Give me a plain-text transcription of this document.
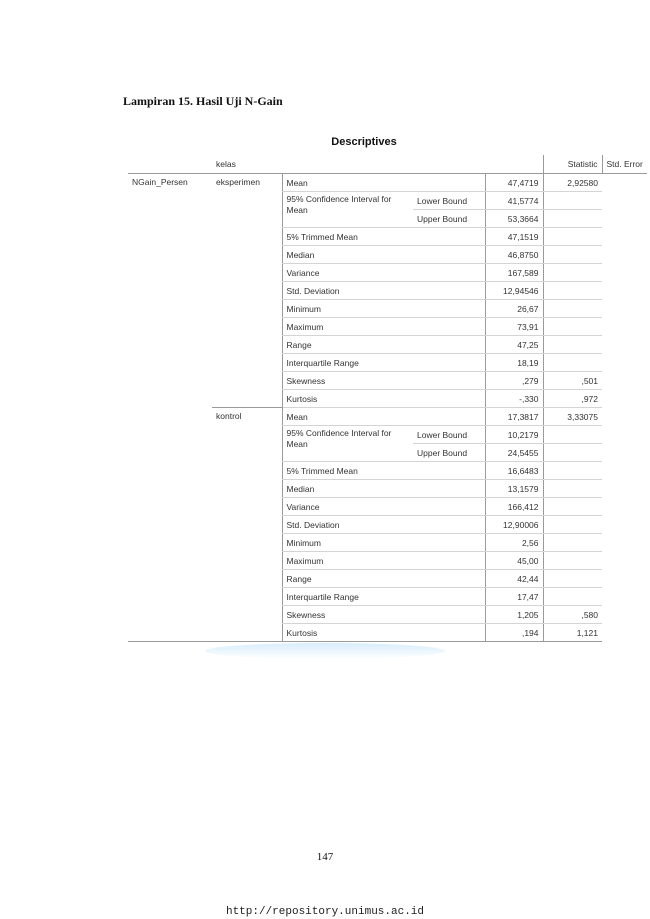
Lampiran 15. Hasil Uji N-Gain
Descriptives
	kelas				Statistic	Std. Error
NGain_Persen	eksperimen	Mean		47,4719	2,92580	
		95% Confidence Interval for Mean	Lower Bound	41,5774		
			Upper Bound	53,3664		
		5% Trimmed Mean		47,1519		
		Median		46,8750		
		Variance		167,589		
		Std. Deviation		12,94546		
		Minimum		26,67		
		Maximum		73,91		
		Range		47,25		
		Interquartile Range		18,19		
		Skewness		,279	,501	
		Kurtosis		-,330	,972	
	kontrol	Mean		17,3817	3,33075	
		95% Confidence Interval for Mean	Lower Bound	10,2179		
			Upper Bound	24,5455		
		5% Trimmed Mean		16,6483		
		Median		13,1579		
		Variance		166,412		
		Std. Deviation		12,90006		
		Minimum		2,56		
		Maximum		45,00		
		Range		42,44		
		Interquartile Range		17,47		
		Skewness		1,205	,580	
		Kurtosis		,194	1,121	
147
http://repository.unimus.ac.id
